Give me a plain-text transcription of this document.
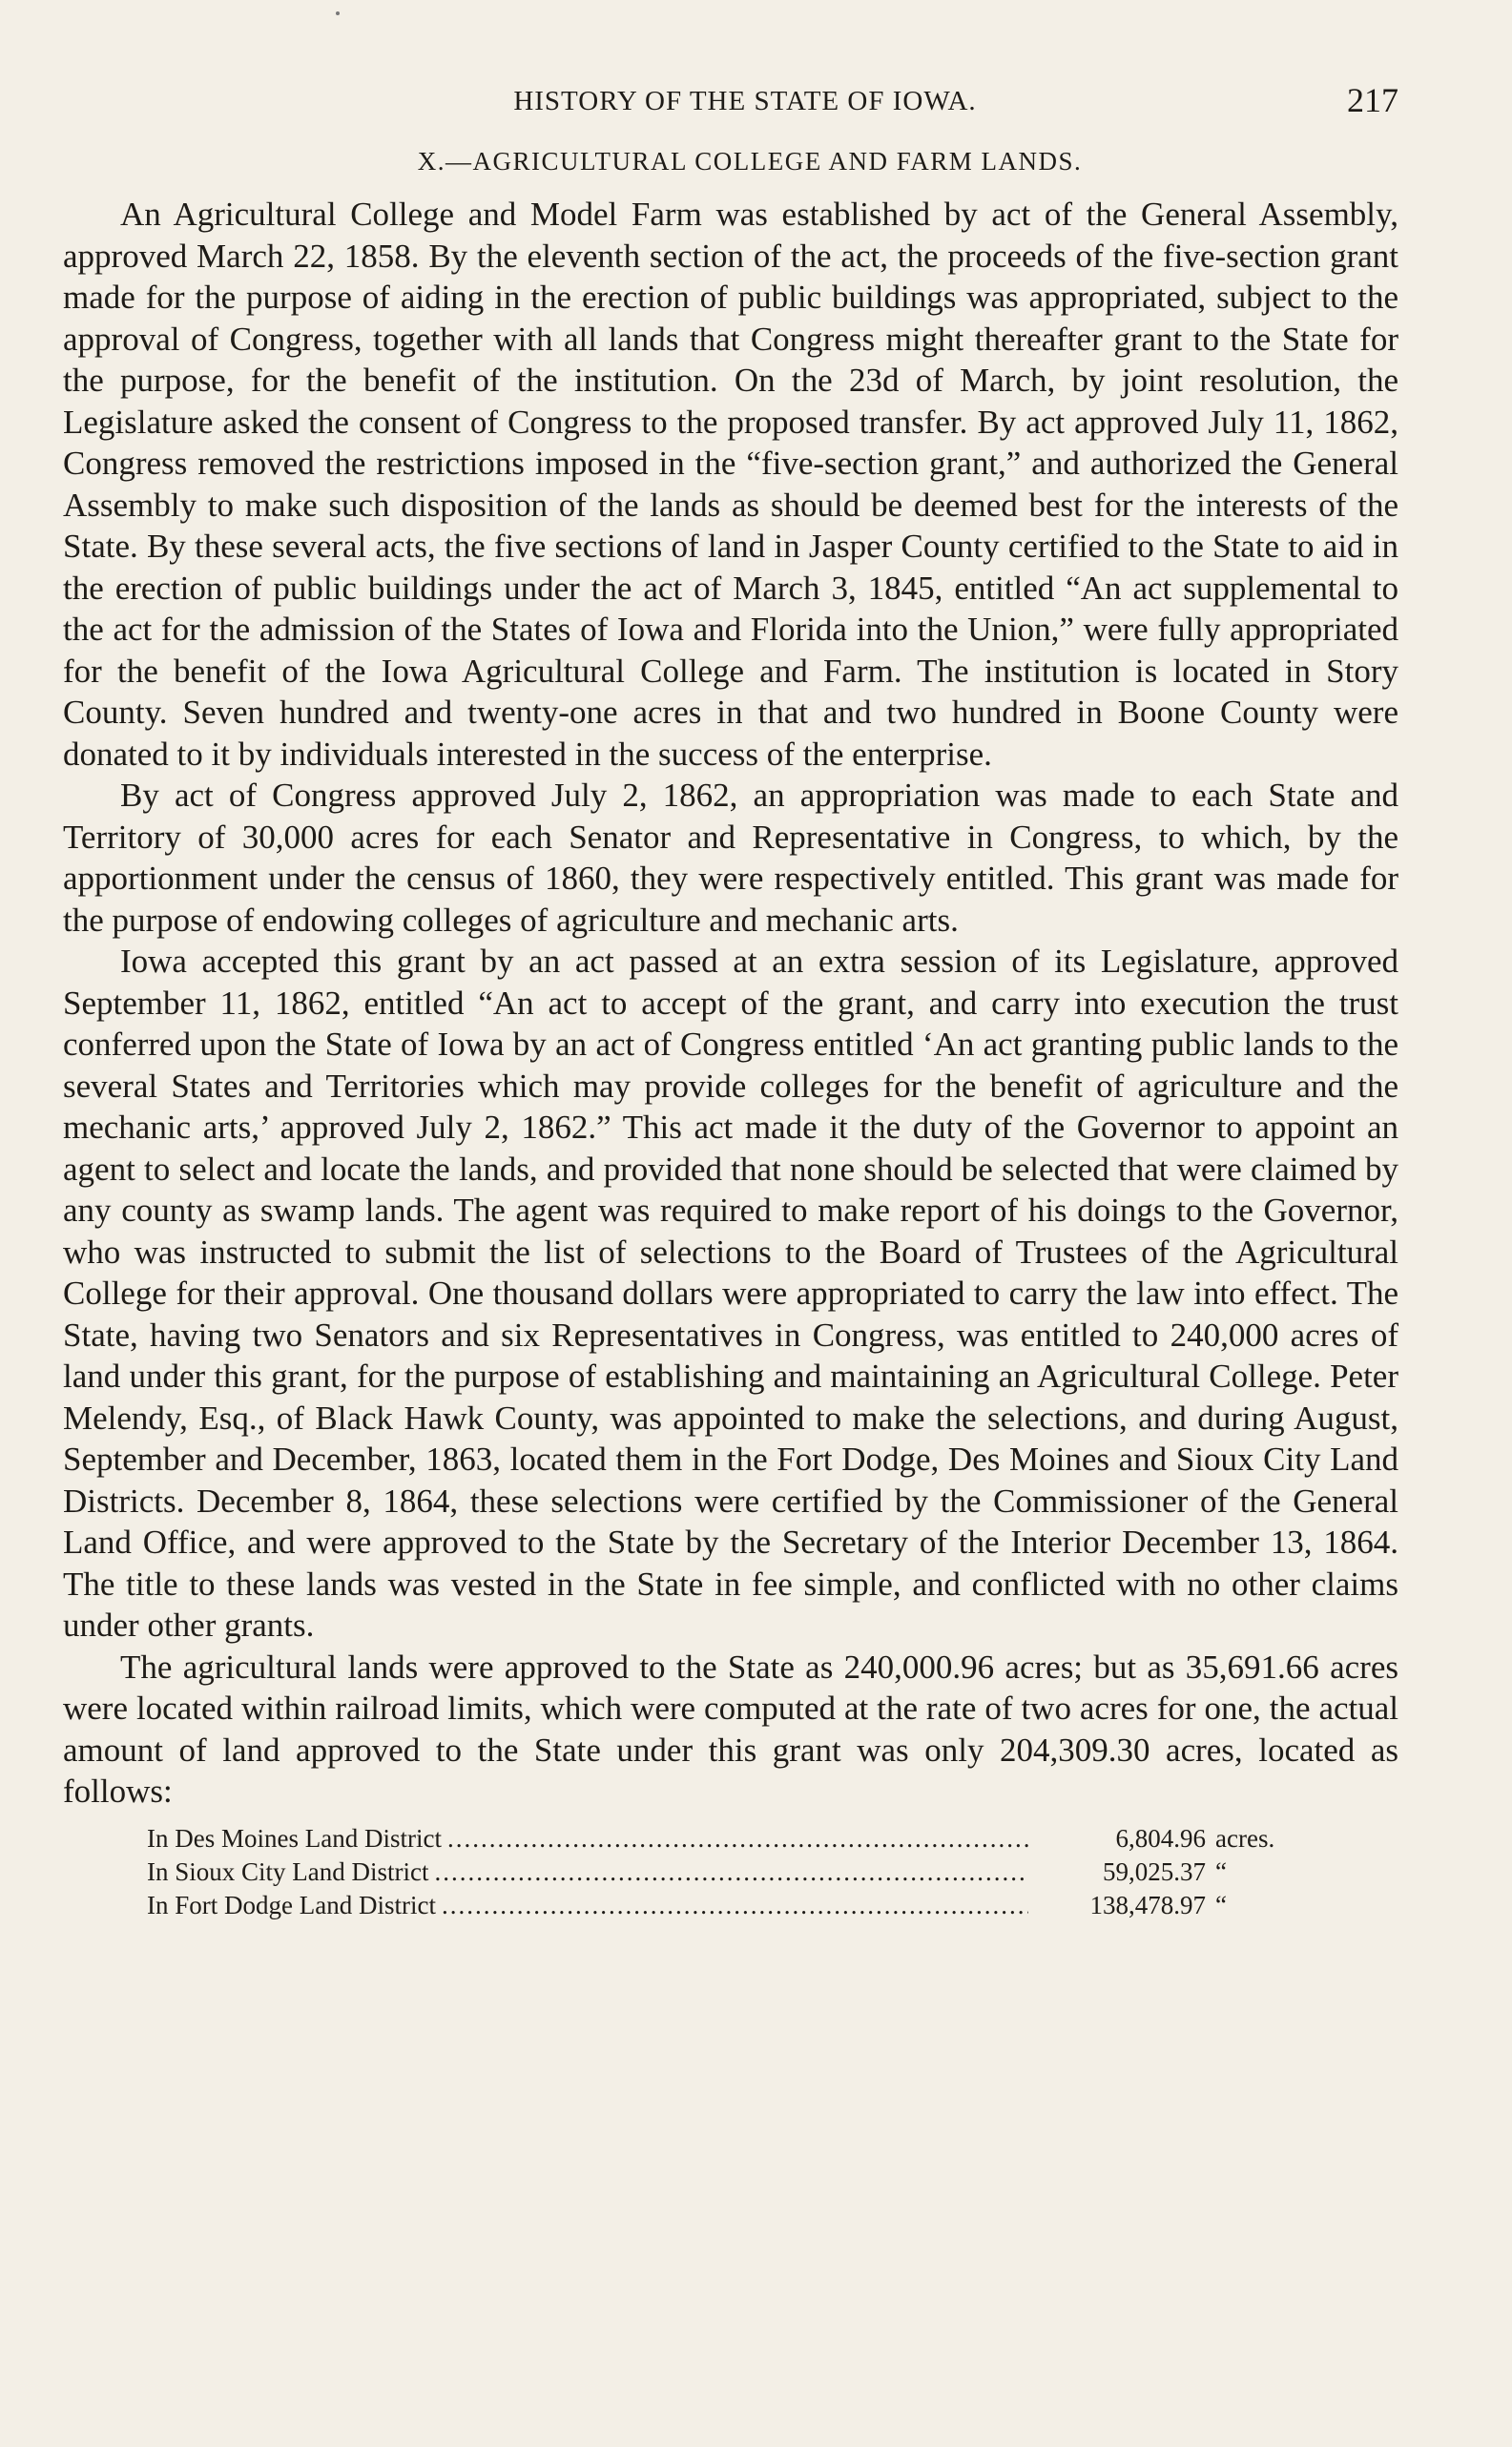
HISTORY OF THE STATE OF IOWA.	217
X.—AGRICULTURAL COLLEGE AND FARM LANDS.

An Agricultural College and Model Farm was established by act of the General Assembly, approved March 22, 1858. By the eleventh section of the act, the proceeds of the five-section grant made for the purpose of aiding in the erection of public buildings was appropriated, subject to the approval of Congress, together with all lands that Congress might thereafter grant to the State for the purpose, for the benefit of the institution. On the 23d of March, by joint resolution, the Legislature asked the consent of Congress to the proposed transfer. By act approved July 11, 1862, Congress removed the restrictions imposed in the “five-section grant,” and authorized the General Assembly to make such disposition of the lands as should be deemed best for the interests of the State. By these several acts, the five sections of land in Jasper County certified to the State to aid in the erection of public buildings under the act of March 3, 1845, entitled “An act supplemental to the act for the admission of the States of Iowa and Florida into the Union,” were fully appropriated for the benefit of the Iowa Agricultural College and Farm. The institution is located in Story County. Seven hundred and twenty-one acres in that and two hundred in Boone County were donated to it by individuals interested in the success of the enterprise.

By act of Congress approved July 2, 1862, an appropriation was made to each State and Territory of 30,000 acres for each Senator and Representative in Congress, to which, by the apportionment under the census of 1860, they were respectively entitled. This grant was made for the purpose of endowing colleges of agriculture and mechanic arts.

Iowa accepted this grant by an act passed at an extra session of its Legislature, approved September 11, 1862, entitled “An act to accept of the grant, and carry into execution the trust conferred upon the State of Iowa by an act of Congress entitled ‘An act granting public lands to the several States and Territories which may provide colleges for the benefit of agriculture and the mechanic arts,’ approved July 2, 1862.” This act made it the duty of the Governor to appoint an agent to select and locate the lands, and provided that none should be selected that were claimed by any county as swamp lands. The agent was required to make report of his doings to the Governor, who was instructed to submit the list of selections to the Board of Trustees of the Agricultural College for their approval. One thousand dollars were appropriated to carry the law into effect. The State, having two Senators and six Representatives in Congress, was entitled to 240,000 acres of land under this grant, for the purpose of establishing and maintaining an Agricultural College. Peter Melendy, Esq., of Black Hawk County, was appointed to make the selections, and during August, September and December, 1863, located them in the Fort Dodge, Des Moines and Sioux City Land Districts. December 8, 1864, these selections were certified by the Commissioner of the General Land Office, and were approved to the State by the Secretary of the Interior December 13, 1864. The title to these lands was vested in the State in fee simple, and conflicted with no other claims under other grants.

The agricultural lands were approved to the State as 240,000.96 acres; but as 35,691.66 acres were located within railroad limits, which were computed at the rate of two acres for one, the actual amount of land approved to the State under this grant was only 204,309.30 acres, located as follows:

In Des Moines Land District .....	6,804.96 acres.
In Sioux City Land District .....	59,025.37 “
In Fort Dodge Land District .....	138,478.97 “
